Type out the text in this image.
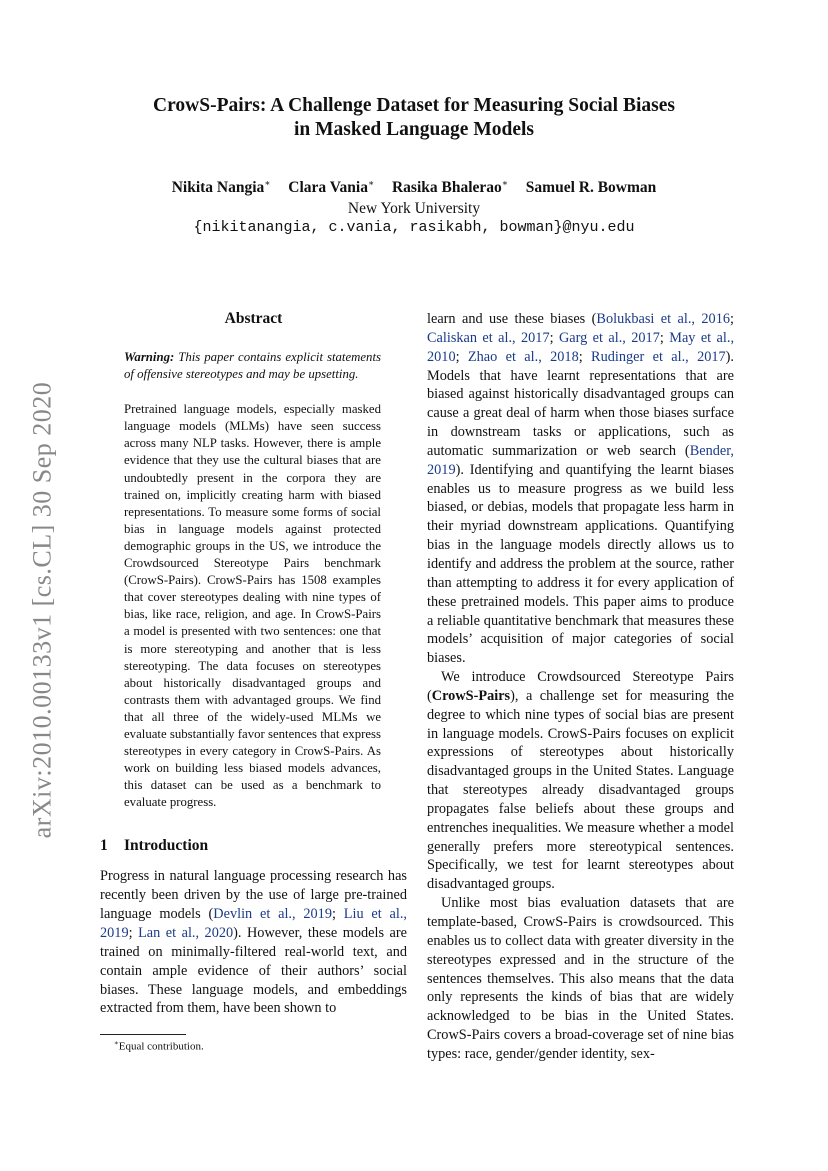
arXiv:2010.00133v1 [cs.CL] 30 Sep 2020
CrowS-Pairs: A Challenge Dataset for Measuring Social Biases
in Masked Language Models
Nikita Nangia∗ Clara Vania∗ Rasika Bhalerao∗ Samuel R. Bowman
New York University
{nikitanangia, c.vania, rasikabh, bowman}@nyu.edu
Abstract
Warning: This paper contains explicit statements of offensive stereotypes and may be upsetting.
Pretrained language models, especially masked language models (MLMs) have seen success across many NLP tasks. However, there is ample evidence that they use the cultural biases that are undoubtedly present in the corpora they are trained on, implicitly creating harm with biased representations. To measure some forms of social bias in language models against protected demographic groups in the US, we introduce the Crowdsourced Stereotype Pairs benchmark (CrowS-Pairs). CrowS-Pairs has 1508 examples that cover stereotypes dealing with nine types of bias, like race, religion, and age. In CrowS-Pairs a model is presented with two sentences: one that is more stereotyping and another that is less stereotyping. The data focuses on stereotypes about historically disadvantaged groups and contrasts them with advantaged groups. We find that all three of the widely-used MLMs we evaluate substantially favor sentences that express stereotypes in every category in CrowS-Pairs. As work on building less biased models advances, this dataset can be used as a benchmark to evaluate progress.
1 Introduction

Progress in natural language processing research has recently been driven by the use of large pre-trained language models (Devlin et al., 2019; Liu et al., 2019; Lan et al., 2020). However, these models are trained on minimally-filtered real-world text, and contain ample evidence of their authors’ social biases. These language models, and embeddings extracted from them, have been shown to

∗Equal contribution.

learn and use these biases (Bolukbasi et al., 2016; Caliskan et al., 2017; Garg et al., 2017; May et al., 2010; Zhao et al., 2018; Rudinger et al., 2017). Models that have learnt representations that are biased against historically disadvantaged groups can cause a great deal of harm when those biases surface in downstream tasks or applications, such as automatic summarization or web search (Bender, 2019). Identifying and quantifying the learnt biases enables us to measure progress as we build less biased, or debias, models that propagate less harm in their myriad downstream applications. Quantifying bias in the language models directly allows us to identify and address the problem at the source, rather than attempting to address it for every application of these pretrained models. This paper aims to produce a reliable quantitative benchmark that measures these models’ acquisition of major categories of social biases.

We introduce Crowdsourced Stereotype Pairs (CrowS-Pairs), a challenge set for measuring the degree to which nine types of social bias are present in language models. CrowS-Pairs focuses on explicit expressions of stereotypes about historically disadvantaged groups in the United States. Language that stereotypes already disadvantaged groups propagates false beliefs about these groups and entrenches inequalities. We measure whether a model generally prefers more stereotypical sentences. Specifically, we test for learnt stereotypes about disadvantaged groups.

Unlike most bias evaluation datasets that are template-based, CrowS-Pairs is crowdsourced. This enables us to collect data with greater diversity in the stereotypes expressed and in the structure of the sentences themselves. This also means that the data only represents the kinds of bias that are widely acknowledged to be bias in the United States. CrowS-Pairs covers a broad-coverage set of nine bias types: race, gender/gender identity, sex-
